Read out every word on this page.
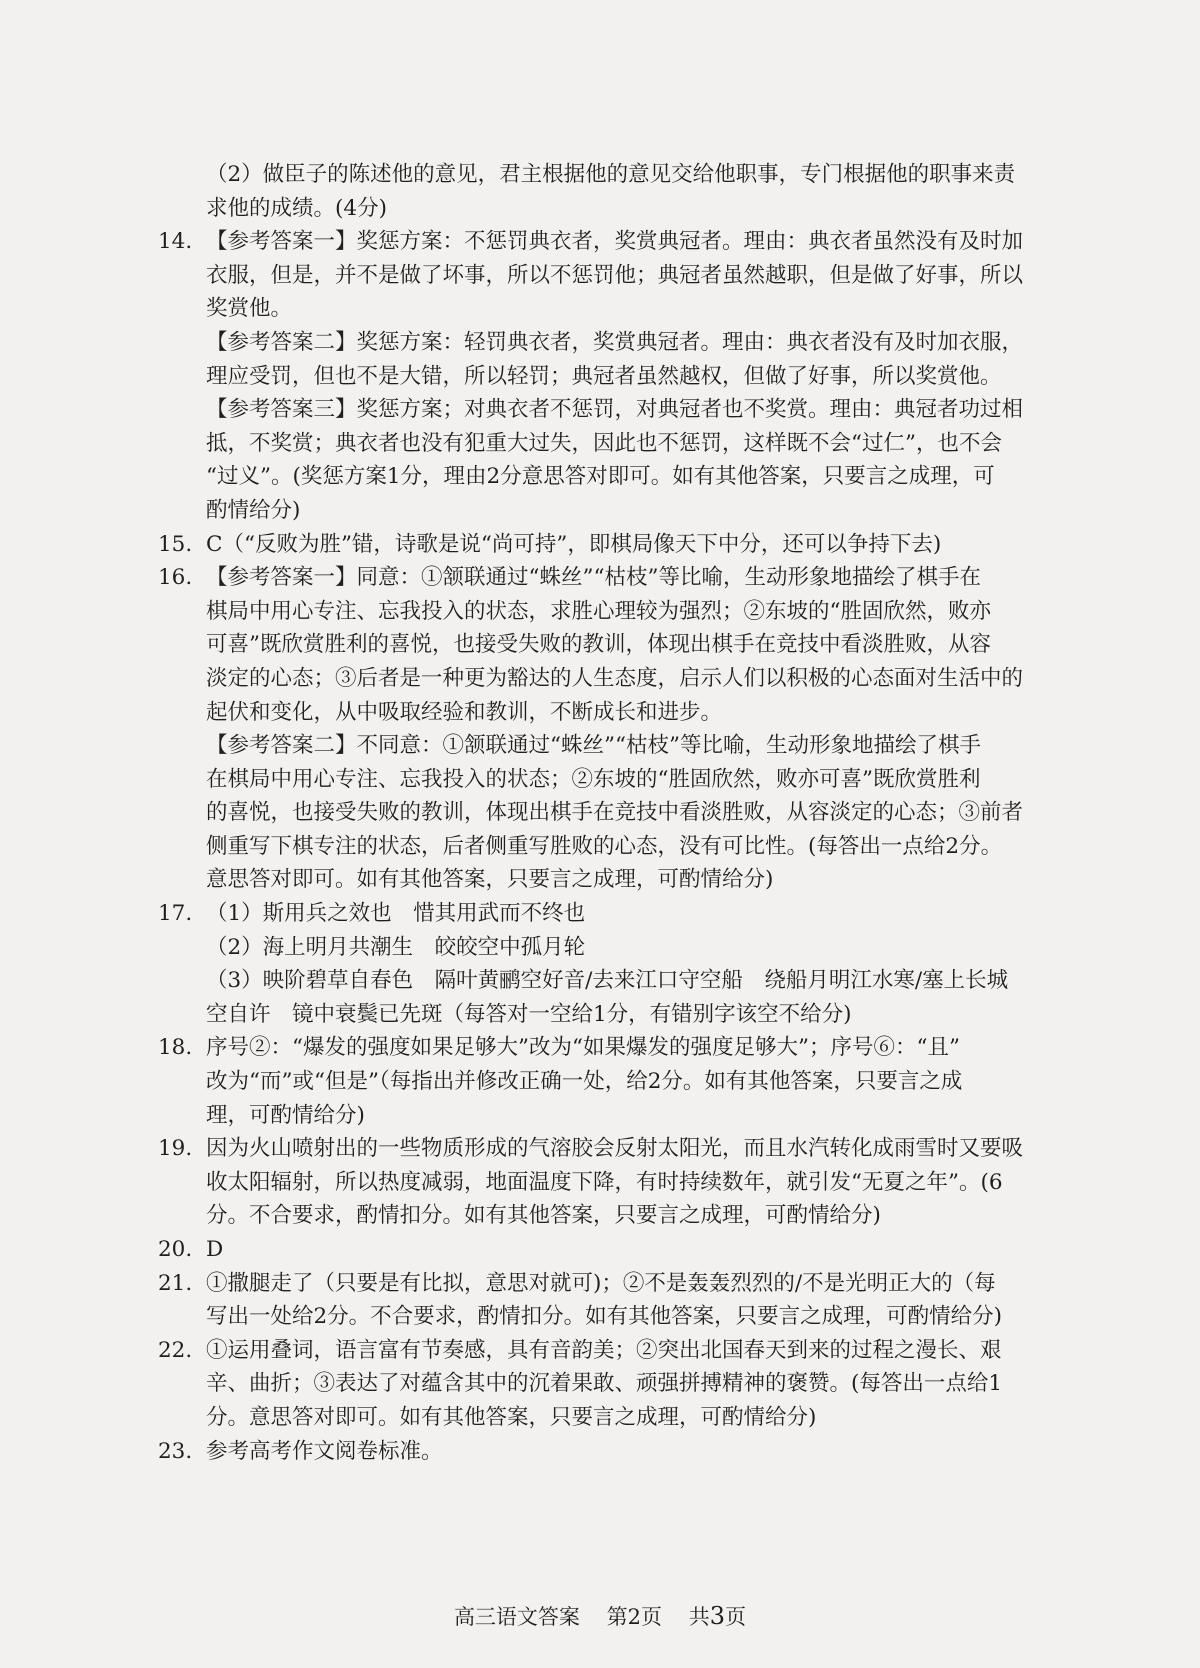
（2）做臣子的陈述他的意见，君主根据他的意见交给他职事，专门根据他的职事来责
求他的成绩。(4分)
14. 【参考答案一】奖惩方案：不惩罚典衣者，奖赏典冠者。理由：典衣者虽然没有及时加
衣服，但是，并不是做了坏事，所以不惩罚他；典冠者虽然越职，但是做了好事，所以
奖赏他。
【参考答案二】奖惩方案：轻罚典衣者，奖赏典冠者。理由：典衣者没有及时加衣服，
理应受罚，但也不是大错，所以轻罚；典冠者虽然越权，但做了好事，所以奖赏他。
【参考答案三】奖惩方案；对典衣者不惩罚，对典冠者也不奖赏。理由：典冠者功过相
抵，不奖赏；典衣者也没有犯重大过失，因此也不惩罚，这样既不会“过仁”，也不会
“过义”。(奖惩方案1分，理由2分意思答对即可。如有其他答案，只要言之成理，可
酌情给分)
15. C（“反败为胜”错，诗歌是说“尚可持”，即棋局像天下中分，还可以争持下去)
16. 【参考答案一】同意：①颔联通过“蛛丝”“枯枝”等比喻，生动形象地描绘了棋手在
棋局中用心专注、忘我投入的状态，求胜心理较为强烈；②东坡的“胜固欣然，败亦
可喜”既欣赏胜利的喜悦，也接受失败的教训，体现出棋手在竞技中看淡胜败，从容
淡定的心态；③后者是一种更为豁达的人生态度，启示人们以积极的心态面对生活中的
起伏和变化，从中吸取经验和教训，不断成长和进步。
【参考答案二】不同意：①颔联通过“蛛丝”“枯枝”等比喻，生动形象地描绘了棋手
在棋局中用心专注、忘我投入的状态；②东坡的“胜固欣然，败亦可喜”既欣赏胜利
的喜悦，也接受失败的教训，体现出棋手在竞技中看淡胜败，从容淡定的心态；③前者
侧重写下棋专注的状态，后者侧重写胜败的心态，没有可比性。(每答出一点给2分。
意思答对即可。如有其他答案，只要言之成理，可酌情给分)
17. （1）斯用兵之效也　惜其用武而不终也
（2）海上明月共潮生　皎皎空中孤月轮
（3）映阶碧草自春色　隔叶黄鹂空好音/去来江口守空船　绕船月明江水寒/塞上长城
空自许　镜中衰鬓已先斑（每答对一空给1分，有错别字该空不给分)
18. 序号②：“爆发的强度如果足够大”改为“如果爆发的强度足够大”；序号⑥：“且”
改为“而”或“但是”（每指出并修改正确一处，给2分。如有其他答案，只要言之成
理，可酌情给分)
19. 因为火山喷射出的一些物质形成的气溶胶会反射太阳光，而且水汽转化成雨雪时又要吸
收太阳辐射，所以热度减弱，地面温度下降，有时持续数年，就引发“无夏之年”。(6
分。不合要求，酌情扣分。如有其他答案，只要言之成理，可酌情给分)
20. D
21. ①撒腿走了（只要是有比拟，意思对就可)；②不是轰轰烈烈的/不是光明正大的（每
写出一处给2分。不合要求，酌情扣分。如有其他答案，只要言之成理，可酌情给分)
22. ①运用叠词，语言富有节奏感，具有音韵美；②突出北国春天到来的过程之漫长、艰
辛、曲折；③表达了对蕴含其中的沉着果敢、顽强拼搏精神的褒赞。(每答出一点给1
分。意思答对即可。如有其他答案，只要言之成理，可酌情给分)
23. 参考高考作文阅卷标准。
高三语文答案 第2页 共3页
